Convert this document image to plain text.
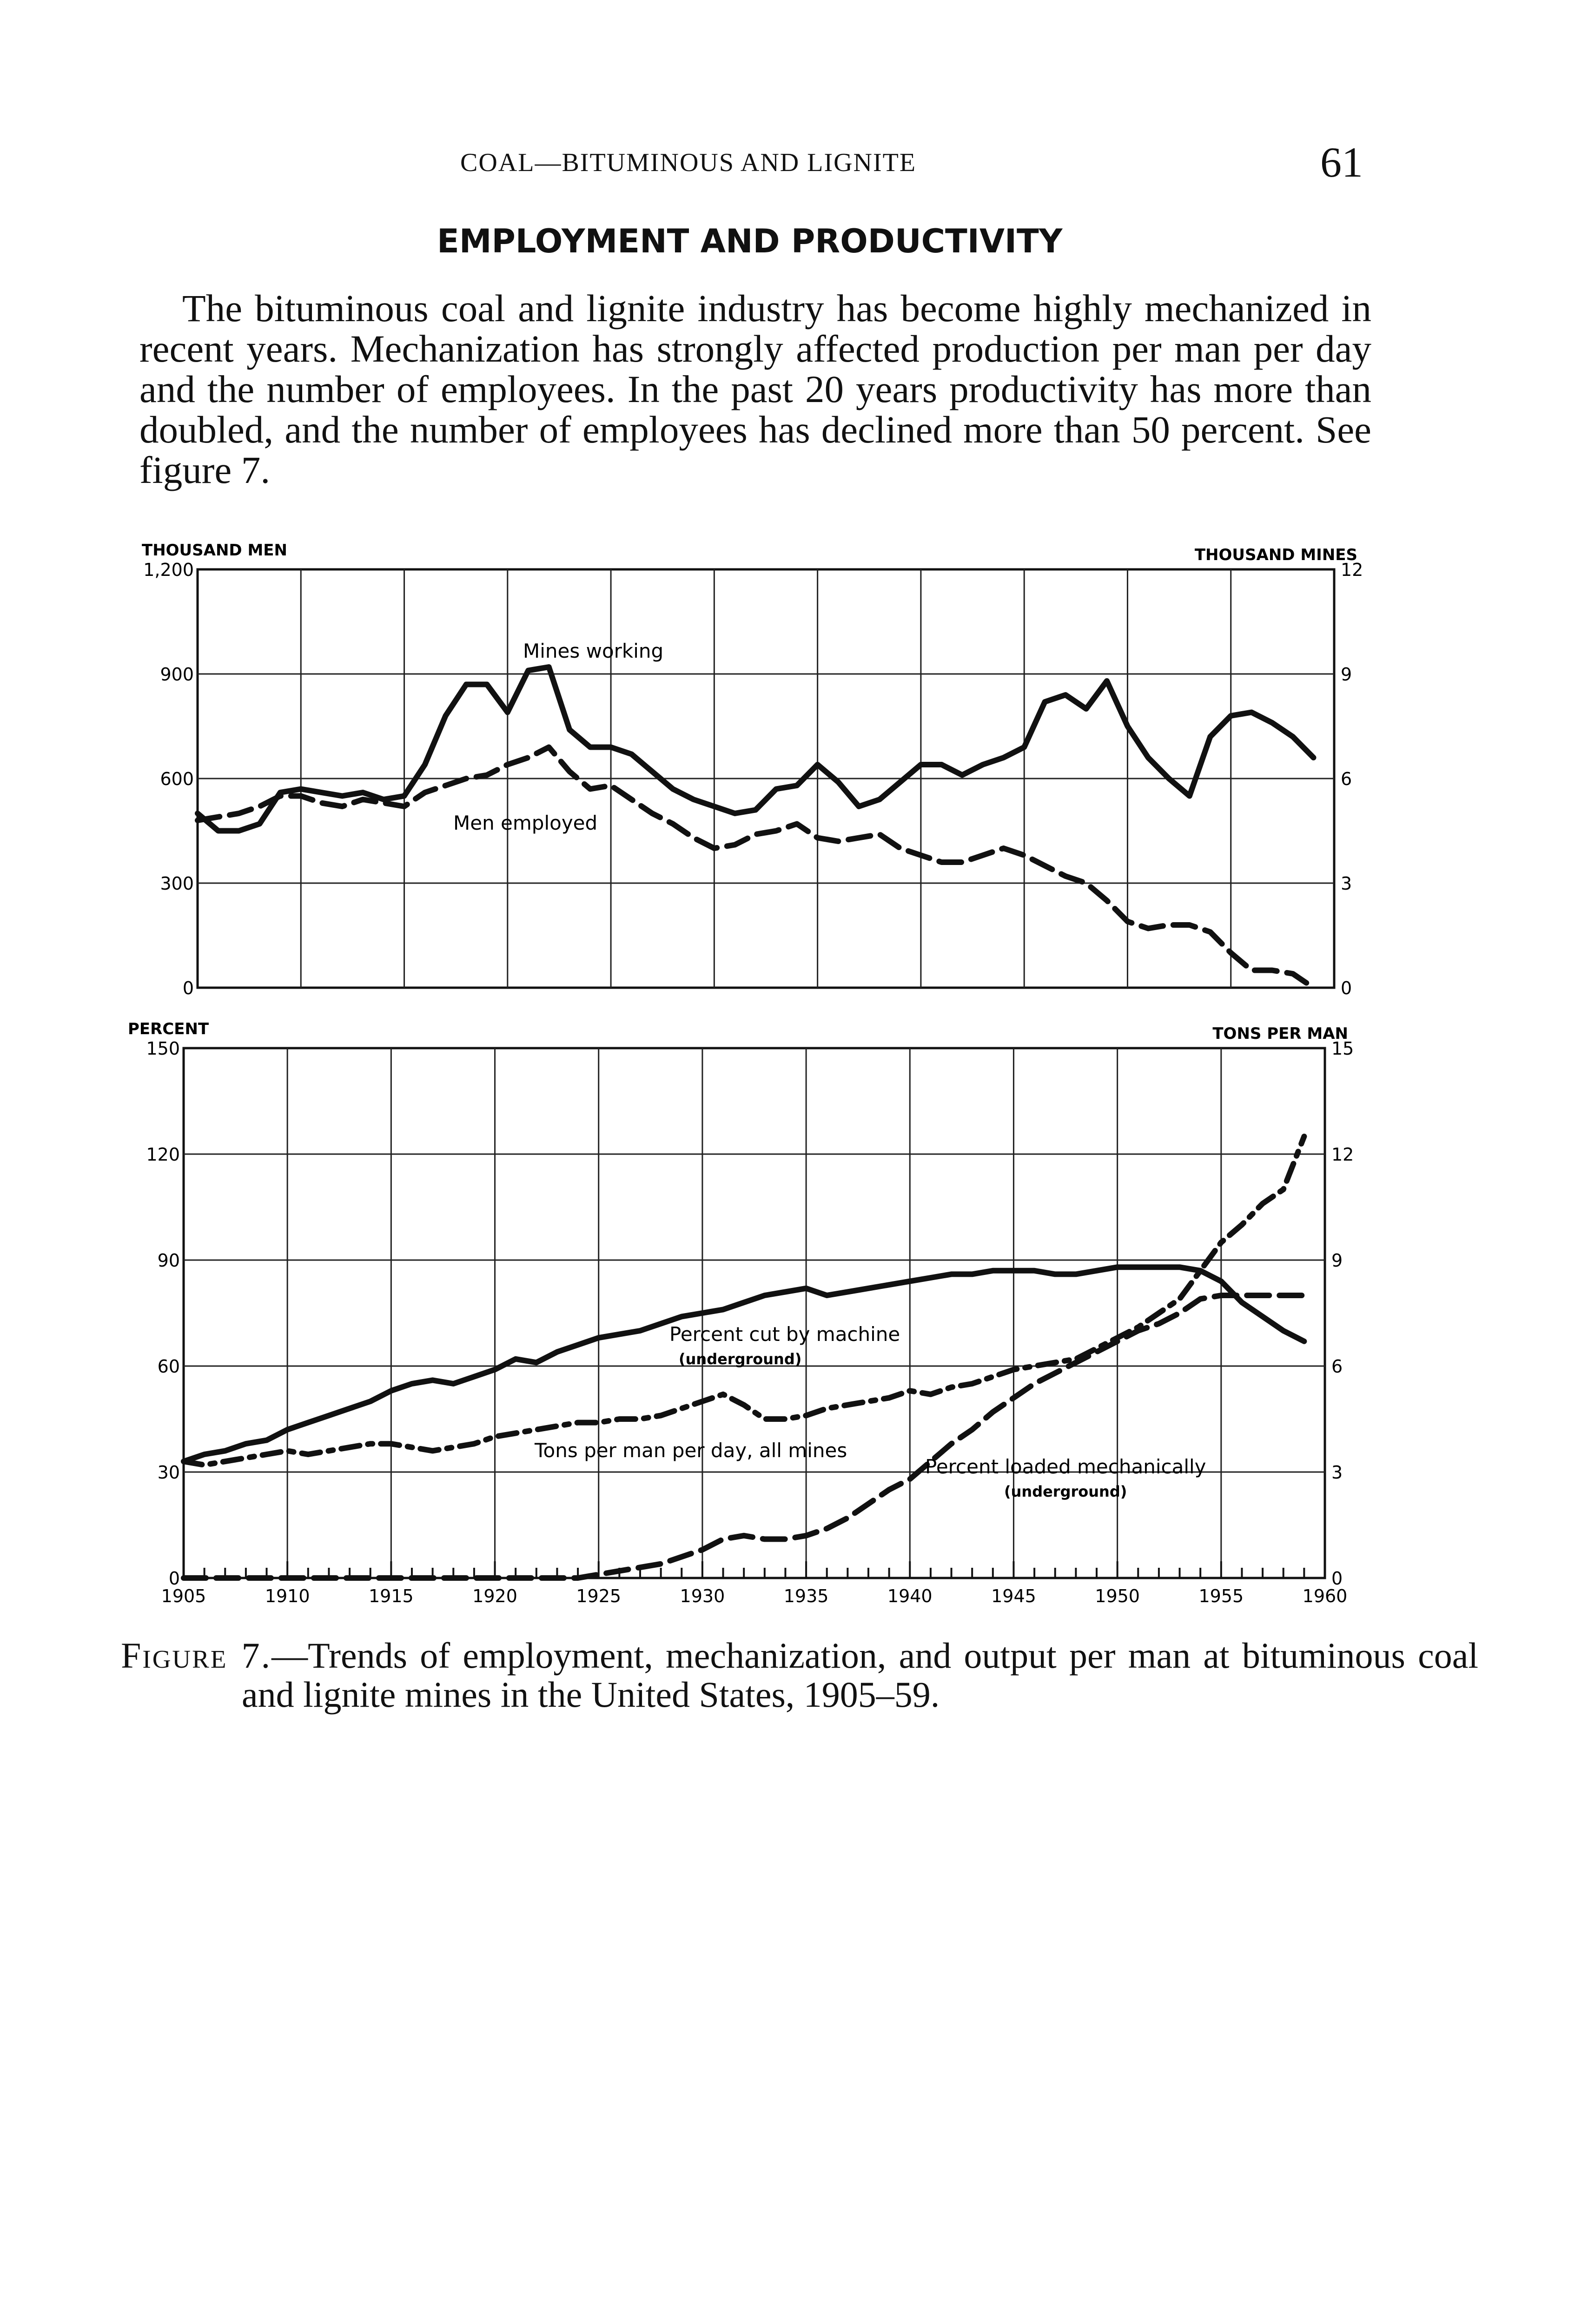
COAL—BITUMINOUS AND LIGNITE	61
EMPLOYMENT AND PRODUCTIVITY

The bituminous coal and lignite industry has become highly mechanized in recent years. Mechanization has strongly affected production per man per day and the number of employees. In the past 20 years productivity has more than doubled, and the number of employees has declined more than 50 percent. See figure 7.

1,200
900
600
300
0
12
9
6
3
0
THOUSAND MEN	THOUSAND MINES
Mines working
Men employed
150
120
90
60
30
0
15
12
9
6
3
0
PERCENT	TONS PER MAN
1905	1910	1915	1920	1925	1930	1935	1940	1945	1950	1955	1960
Percent cut by machine
(underground)
Percent loaded mechanically
(underground)
Tons per man per day, all mines

Figure 7.—Trends of employment, mechanization, and output per man at bituminous coal and lignite mines in the United States, 1905–59.
